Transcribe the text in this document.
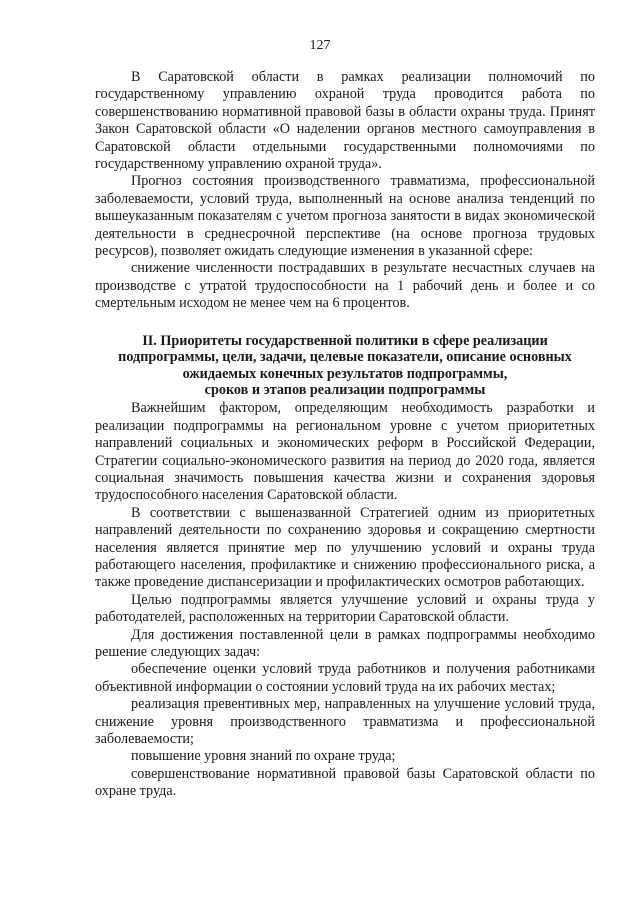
127

В Саратовской области в рамках реализации полномочий по государственному управлению охраной труда проводится работа по совершенствованию нормативной правовой базы в области охраны труда. Принят Закон Саратовской области «О наделении органов местного самоуправления в Саратовской области отдельными государственными полномочиями по государственному управлению охраной труда».

Прогноз состояния производственного травматизма, профессиональной заболеваемости, условий труда, выполненный на основе анализа тенденций по вышеуказанным показателям с учетом прогноза занятости в видах экономической деятельности в среднесрочной перспективе (на основе прогноза трудовых ресурсов), позволяет ожидать следующие изменения в указанной сфере:

снижение численности пострадавших в результате несчастных случаев на производстве с утратой трудоспособности на 1 рабочий день и более и со смертельным исходом не менее чем на 6 процентов.

II. Приоритеты государственной политики в сфере реализации
подпрограммы, цели, задачи, целевые показатели, описание основных
ожидаемых конечных результатов подпрограммы,
сроков и этапов реализации подпрограммы

Важнейшим фактором, определяющим необходимость разработки и реализации подпрограммы на региональном уровне с учетом приоритетных направлений социальных и экономических реформ в Российской Федерации, Стратегии социально-экономического развития на период до 2020 года, является социальная значимость повышения качества жизни и сохранения здоровья трудоспособного населения Саратовской области.

В соответствии с вышеназванной Стратегией одним из приоритетных направлений деятельности по сохранению здоровья и сокращению смертности населения является принятие мер по улучшению условий и охраны труда работающего населения, профилактике и снижению профессионального риска, а также проведение диспансеризации и профилактических осмотров работающих.

Целью подпрограммы является улучшение условий и охраны труда у работодателей, расположенных на территории Саратовской области.

Для достижения поставленной цели в рамках подпрограммы необходимо решение следующих задач:

обеспечение оценки условий труда работников и получения работниками объективной информации о состоянии условий труда на их рабочих местах;

реализация превентивных мер, направленных на улучшение условий труда, снижение уровня производственного травматизма и профессиональной заболеваемости;

повышение уровня знаний по охране труда;

совершенствование нормативной правовой базы Саратовской области по охране труда.
